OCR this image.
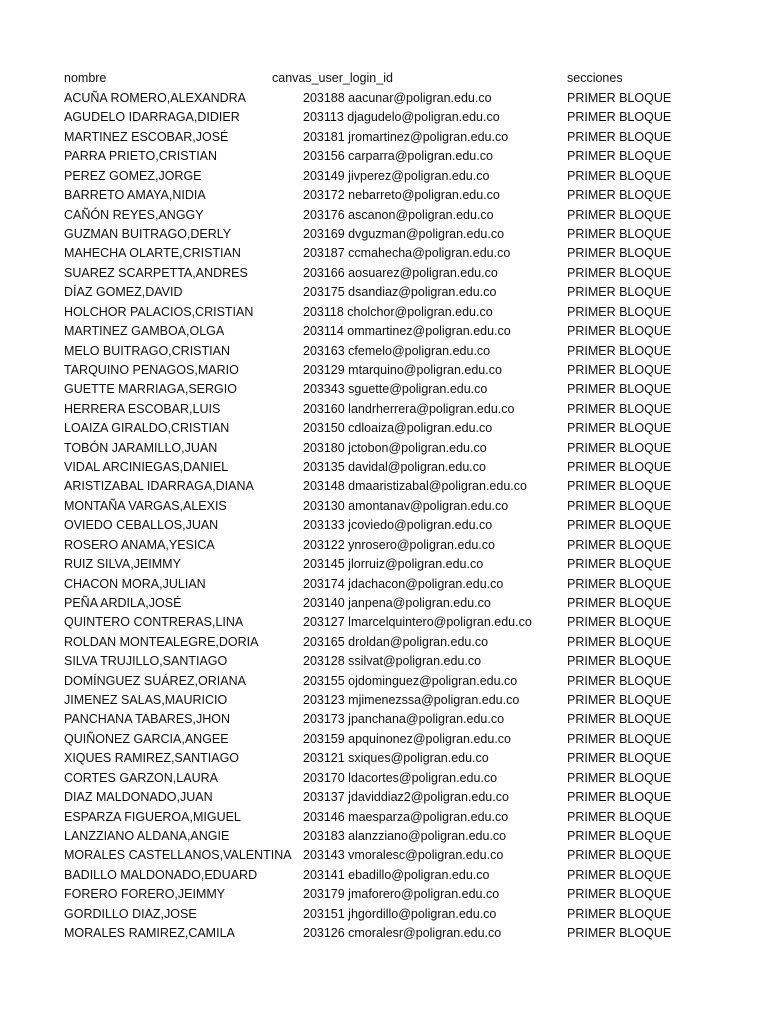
nombre	canvas_user_login_id	secciones
ACUÑA ROMERO,ALEXANDRA	203188 aacunar@poligran.edu.co	PRIMER BLOQUE
AGUDELO IDARRAGA,DIDIER	203113 djagudelo@poligran.edu.co	PRIMER BLOQUE
MARTINEZ ESCOBAR,JOSÉ	203181 jromartinez@poligran.edu.co	PRIMER BLOQUE
PARRA PRIETO,CRISTIAN	203156 carparra@poligran.edu.co	PRIMER BLOQUE
PEREZ GOMEZ,JORGE	203149 jivperez@poligran.edu.co	PRIMER BLOQUE
BARRETO AMAYA,NIDIA	203172 nebarreto@poligran.edu.co	PRIMER BLOQUE
CAÑÓN REYES,ANGGY	203176 ascanon@poligran.edu.co	PRIMER BLOQUE
GUZMAN BUITRAGO,DERLY	203169 dvguzman@poligran.edu.co	PRIMER BLOQUE
MAHECHA OLARTE,CRISTIAN	203187 ccmahecha@poligran.edu.co	PRIMER BLOQUE
SUAREZ SCARPETTA,ANDRES	203166 aosuarez@poligran.edu.co	PRIMER BLOQUE
DÍAZ GOMEZ,DAVID	203175 dsandiaz@poligran.edu.co	PRIMER BLOQUE
HOLCHOR PALACIOS,CRISTIAN	203118 cholchor@poligran.edu.co	PRIMER BLOQUE
MARTINEZ GAMBOA,OLGA	203114 ommartinez@poligran.edu.co	PRIMER BLOQUE
MELO BUITRAGO,CRISTIAN	203163 cfemelo@poligran.edu.co	PRIMER BLOQUE
TARQUINO PENAGOS,MARIO	203129 mtarquino@poligran.edu.co	PRIMER BLOQUE
GUETTE MARRIAGA,SERGIO	203343 sguette@poligran.edu.co	PRIMER BLOQUE
HERRERA ESCOBAR,LUIS	203160 landrherrera@poligran.edu.co	PRIMER BLOQUE
LOAIZA GIRALDO,CRISTIAN	203150 cdloaiza@poligran.edu.co	PRIMER BLOQUE
TOBÓN JARAMILLO,JUAN	203180 jctobon@poligran.edu.co	PRIMER BLOQUE
VIDAL ARCINIEGAS,DANIEL	203135 davidal@poligran.edu.co	PRIMER BLOQUE
ARISTIZABAL IDARRAGA,DIANA	203148 dmaaristizabal@poligran.edu.co	PRIMER BLOQUE
MONTAÑA VARGAS,ALEXIS	203130 amontanav@poligran.edu.co	PRIMER BLOQUE
OVIEDO CEBALLOS,JUAN	203133 jcoviedo@poligran.edu.co	PRIMER BLOQUE
ROSERO ANAMA,YESICA	203122 ynrosero@poligran.edu.co	PRIMER BLOQUE
RUIZ SILVA,JEIMMY	203145 jlorruiz@poligran.edu.co	PRIMER BLOQUE
CHACON MORA,JULIAN	203174 jdachacon@poligran.edu.co	PRIMER BLOQUE
PEÑA ARDILA,JOSÉ	203140 janpena@poligran.edu.co	PRIMER BLOQUE
QUINTERO CONTRERAS,LINA	203127 lmarcelquintero@poligran.edu.co	PRIMER BLOQUE
ROLDAN MONTEALEGRE,DORIA	203165 droldan@poligran.edu.co	PRIMER BLOQUE
SILVA TRUJILLO,SANTIAGO	203128 ssilvat@poligran.edu.co	PRIMER BLOQUE
DOMÍNGUEZ SUÁREZ,ORIANA	203155 ojdominguez@poligran.edu.co	PRIMER BLOQUE
JIMENEZ SALAS,MAURICIO	203123 mjimenezssa@poligran.edu.co	PRIMER BLOQUE
PANCHANA TABARES,JHON	203173 jpanchana@poligran.edu.co	PRIMER BLOQUE
QUIÑONEZ GARCIA,ANGEE	203159 apquinonez@poligran.edu.co	PRIMER BLOQUE
XIQUES RAMIREZ,SANTIAGO	203121 sxiques@poligran.edu.co	PRIMER BLOQUE
CORTES GARZON,LAURA	203170 ldacortes@poligran.edu.co	PRIMER BLOQUE
DIAZ MALDONADO,JUAN	203137 jdaviddiaz2@poligran.edu.co	PRIMER BLOQUE
ESPARZA FIGUEROA,MIGUEL	203146 maesparza@poligran.edu.co	PRIMER BLOQUE
LANZZIANO ALDANA,ANGIE	203183 alanzziano@poligran.edu.co	PRIMER BLOQUE
MORALES CASTELLANOS,VALENTINA 203143 vmoralesc@poligran.edu.co	PRIMER BLOQUE
BADILLO MALDONADO,EDUARD	203141 ebadillo@poligran.edu.co	PRIMER BLOQUE
FORERO FORERO,JEIMMY	203179 jmaforero@poligran.edu.co	PRIMER BLOQUE
GORDILLO DIAZ,JOSE	203151 jhgordillo@poligran.edu.co	PRIMER BLOQUE
MORALES RAMIREZ,CAMILA	203126 cmoralesr@poligran.edu.co	PRIMER BLOQUE
